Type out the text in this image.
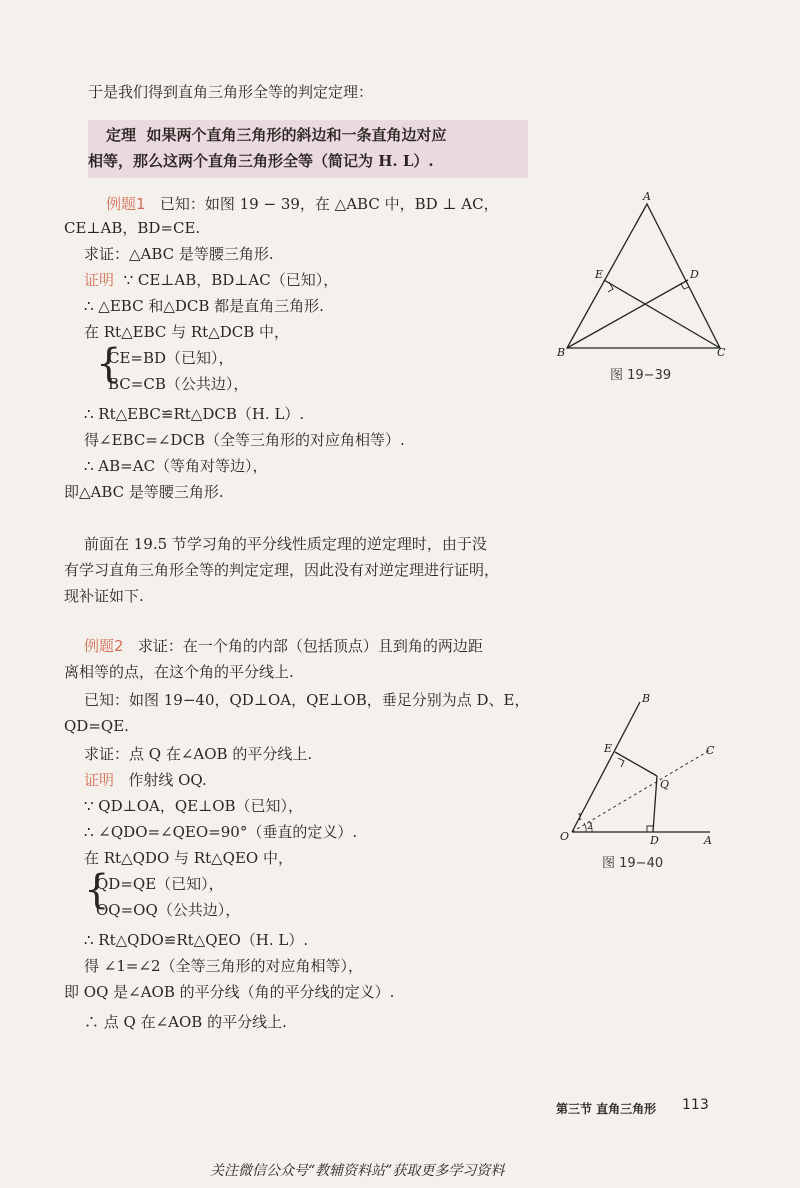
于是我们得到直角三角形全等的判定定理：
定理 如果两个直角三角形的斜边和一条直角边对应
相等，那么这两个直角三角形全等（简记为 H. L）.
例题1 已知：如图 19 − 39，在 △ABC 中，BD ⊥ AC，
CE⊥AB，BD=CE.
求证：△ABC 是等腰三角形.
证明 ∵ CE⊥AB，BD⊥AC（已知），
∴ △EBC 和△DCB 都是直角三角形.
在 Rt△EBC 与 Rt△DCB 中，
{
CE=BD（已知），
BC=CB（公共边），
∴ Rt△EBC≌Rt△DCB（H. L）.
得∠EBC=∠DCB（全等三角形的对应角相等）.
∴ AB=AC（等角对等边），
即△ABC 是等腰三角形.
A
B	C
D
E
图 19−39
前面在 19.5 节学习角的平分线性质定理的逆定理时，由于没
有学习直角三角形全等的判定定理，因此没有对逆定理进行证明，
现补证如下.
例题2 求证：在一个角的内部（包括顶点）且到角的两边距
离相等的点，在这个角的平分线上.
已知：如图 19−40，QD⊥OA，QE⊥OB，垂足分别为点 D、E，
QD=QE.
求证：点 Q 在∠AOB 的平分线上.
证明 作射线 OQ.
∵ QD⊥OA，QE⊥OB（已知），
∴ ∠QDO=∠QEO=90°（垂直的定义）.
在 Rt△QDO 与 Rt△QEO 中，
{
QD=QE（已知），
OQ=OQ（公共边），
∴ Rt△QDO≌Rt△QEO（H. L）.
得 ∠1=∠2（全等三角形的对应角相等），
即 OQ 是∠AOB 的平分线（角的平分线的定义）.
∴ 点 Q 在∠AOB 的平分线上.
B
C
E
Q
O	D	A
1
2
图 19−40
第三节 直角三角形 113
关注微信公众号“教辅资料站”获取更多学习资料
